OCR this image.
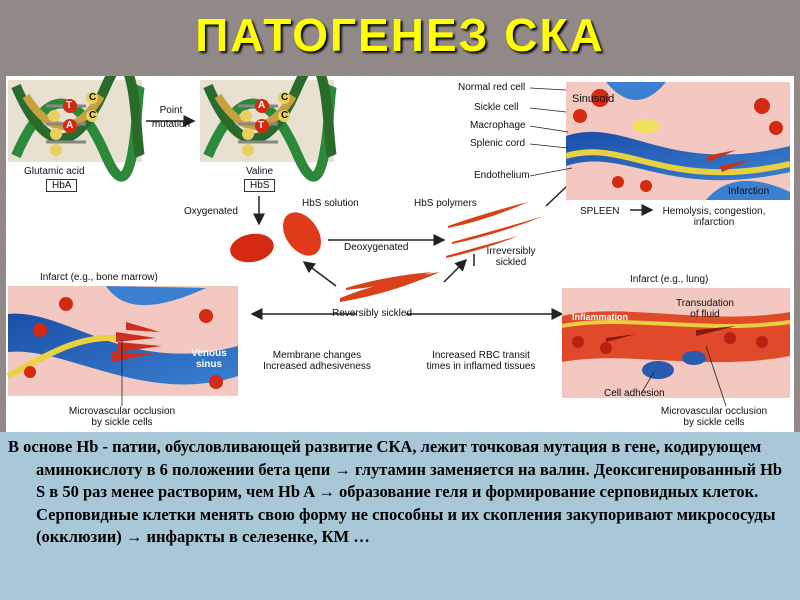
ПАТОГЕНЕЗ СКА
T
C
C
A
A
C
C
T
Point
mutation
Glutamic acid
HbA
Valine
HbS
Oxygenated
HbS solution	HbS polymers
Deoxygenated	Irreversibly
sickled
Reversibly sickled
Normal red cell
Sickle cell
Macrophage
Splenic cord
Endothelium
Sinusoid
Infarction
SPLEEN	Hemolysis, congestion,
infarction
Infarct (e.g., bone marrow)
Venous
sinus
Microvascular occlusion
by sickle cells
Membrane changes
Increased adhesiveness
Increased RBC transit
times in inflamed tissues
Infarct (e.g., lung)
Inflammation
Transudation
of fluid
Cell adhesion
Microvascular occlusion
by sickle cells

В основе Hb - патии, обусловливающей развитие СКА, лежит точковая мутация в гене, кодирующем аминокислоту в 6 положении бета цепи → глутамин заменяется на валин. Деоксигенированный Hb S в 50 раз менее растворим, чем Hb A → образование геля и формирование серповидных клеток. Серповидные клетки менять свою форму не способны и их скопления закупоривают микрососуды (окклюзии) → инфаркты в селезенке, КМ …
